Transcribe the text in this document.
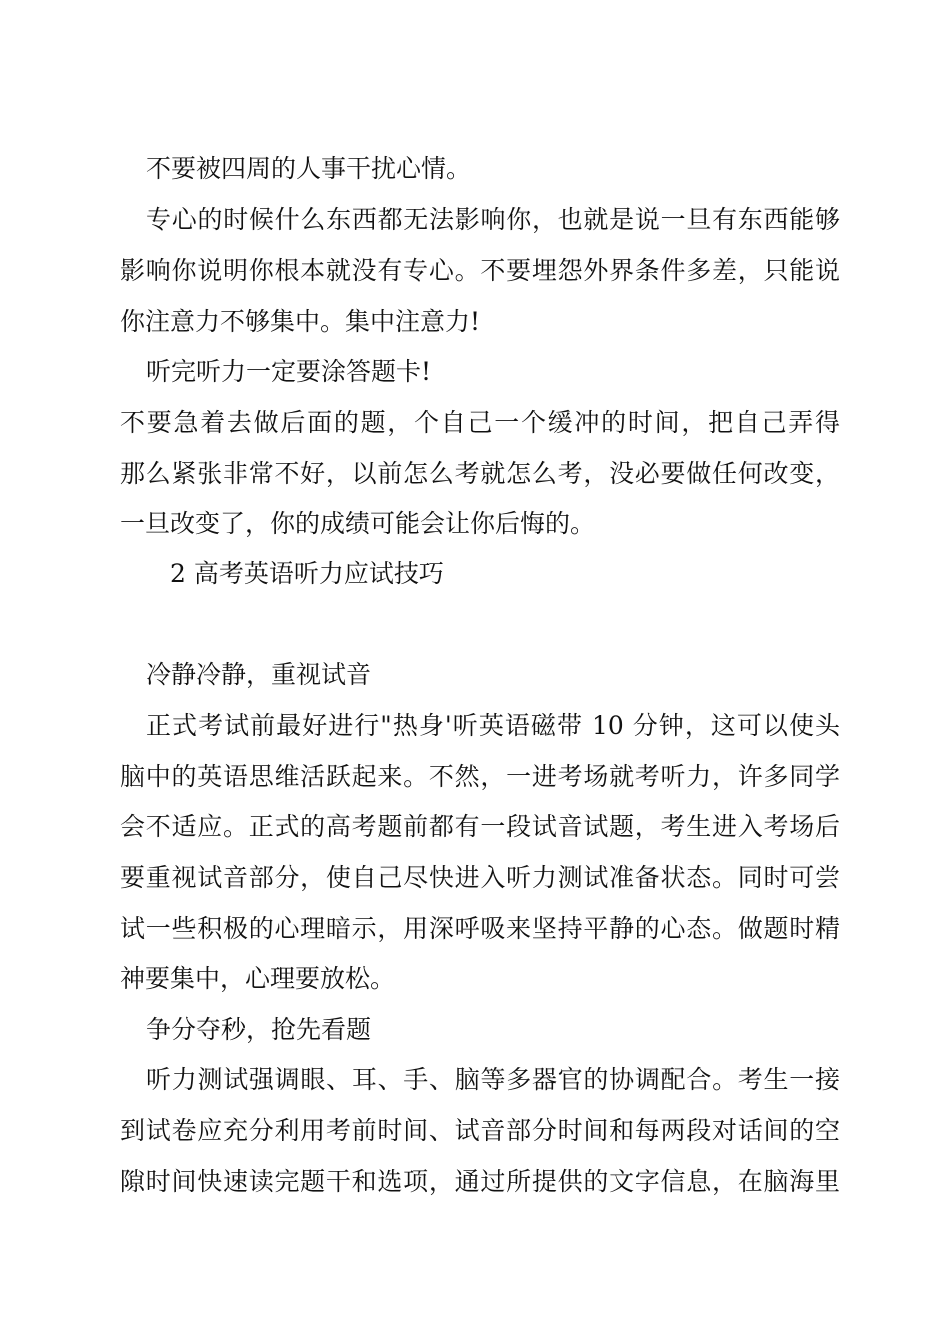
不要被四周的人事干扰心情。
专心的时候什么东西都无法影响你，也就是说一旦有东西能够
影响你说明你根本就没有专心。不要埋怨外界条件多差，只能说
你注意力不够集中。集中注意力!
听完听力一定要涂答题卡!
不要急着去做后面的题，个自己一个缓冲的时间，把自己弄得
那么紧张非常不好，以前怎么考就怎么考，没必要做任何改变，
一旦改变了，你的成绩可能会让你后悔的。
2 高考英语听力应试技巧
冷静冷静，重视试音
正式考试前最好进行"热身'听英语磁带 10 分钟，这可以使头
脑中的英语思维活跃起来。不然，一进考场就考听力，许多同学
会不适应。正式的高考题前都有一段试音试题，考生进入考场后
要重视试音部分，使自己尽快进入听力测试准备状态。同时可尝
试一些积极的心理暗示，用深呼吸来坚持平静的心态。做题时精
神要集中，心理要放松。
争分夺秒，抢先看题
听力测试强调眼、耳、手、脑等多器官的协调配合。考生一接
到试卷应充分利用考前时间、试音部分时间和每两段对话间的空
隙时间快速读完题干和选项，通过所提供的文字信息，在脑海里
